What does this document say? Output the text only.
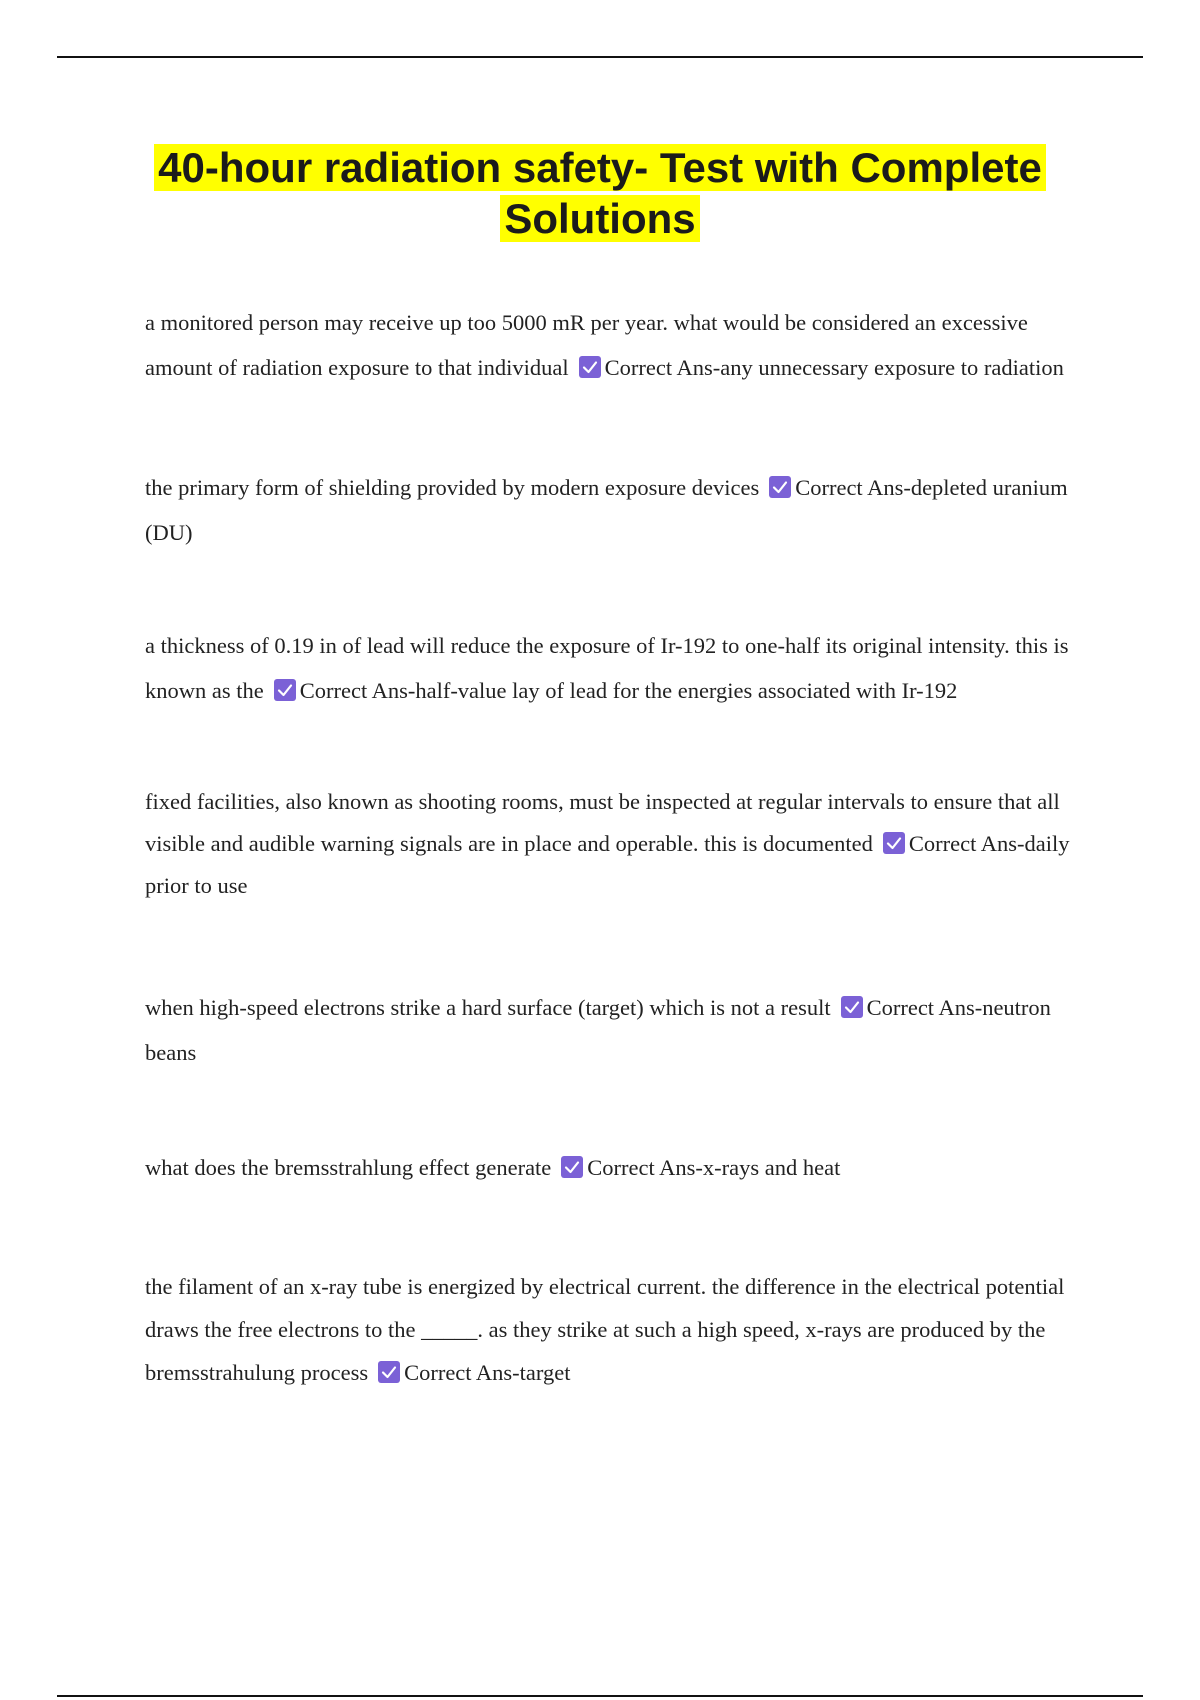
40-hour radiation safety- Test with Complete
Solutions

a monitored person may receive up too 5000 mR per year. what would be considered an excessive amount of radiation exposure to that individual Correct Ans-any unnecessary exposure to radiation

the primary form of shielding provided by modern exposure devices Correct Ans-depleted uranium (DU)

a thickness of 0.19 in of lead will reduce the exposure of Ir-192 to one-half its original intensity. this is known as the Correct Ans-half-value lay of lead for the energies associated with Ir-192

fixed facilities, also known as shooting rooms, must be inspected at regular intervals to ensure that all visible and audible warning signals are in place and operable. this is documented Correct Ans-daily prior to use

when high-speed electrons strike a hard surface (target) which is not a result Correct Ans-neutron beans

what does the bremsstrahlung effect generate Correct Ans-x-rays and heat

the filament of an x-ray tube is energized by electrical current. the difference in the electrical potential draws the free electrons to the _____. as they strike at such a high speed, x-rays are produced by the bremsstrahulung process Correct Ans-target
